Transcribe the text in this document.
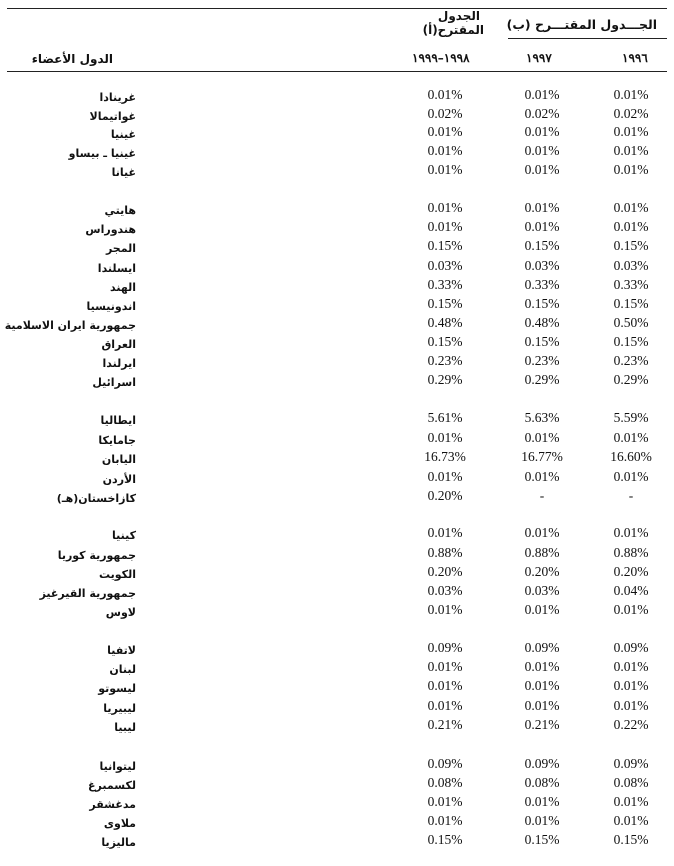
الجدول
المقترح(أ) الجـــدول المقتـــرح (ب)
الدول الأعضاء	١٩٩٨–١٩٩٩	١٩٩٧	١٩٩٦
غرينادا	0.01%	0.01%	0.01%
غواتيمالا	0.02%	0.02%	0.02%
غينيا	0.01%	0.01%	0.01%
غينيا ـ بيساو	0.01%	0.01%	0.01%
غيانا	0.01%	0.01%	0.01%
هايتي	0.01%	0.01%	0.01%
هندوراس	0.01%	0.01%	0.01%
المجر	0.15%	0.15%	0.15%
ايسلندا	0.03%	0.03%	0.03%
الهند	0.33%	0.33%	0.33%
اندونيسيا	0.15%	0.15%	0.15%
جمهورية ايران الاسلامية	0.48%	0.48%	0.50%
العراق	0.15%	0.15%	0.15%
ايرلندا	0.23%	0.23%	0.23%
اسرائيل	0.29%	0.29%	0.29%
ايطاليا	5.61%	5.63%	5.59%
جامايكا	0.01%	0.01%	0.01%
اليابان	16.73%	16.77%	16.60%
الأردن	0.01%	0.01%	0.01%
كازاخستان(هـ)	0.20%	-	-
كينيا	0.01%	0.01%	0.01%
جمهورية كوريا	0.88%	0.88%	0.88%
الكويت	0.20%	0.20%	0.20%
جمهورية القيرغيز	0.03%	0.03%	0.04%
لاوس	0.01%	0.01%	0.01%
لاتفيا	0.09%	0.09%	0.09%
لبنان	0.01%	0.01%	0.01%
ليسوتو	0.01%	0.01%	0.01%
ليبيريا	0.01%	0.01%	0.01%
ليبيا	0.21%	0.21%	0.22%
ليتوانيا	0.09%	0.09%	0.09%
لكسمبرغ	0.08%	0.08%	0.08%
مدغشقر	0.01%	0.01%	0.01%
ملاوى	0.01%	0.01%	0.01%
ماليزيا	0.15%	0.15%	0.15%
